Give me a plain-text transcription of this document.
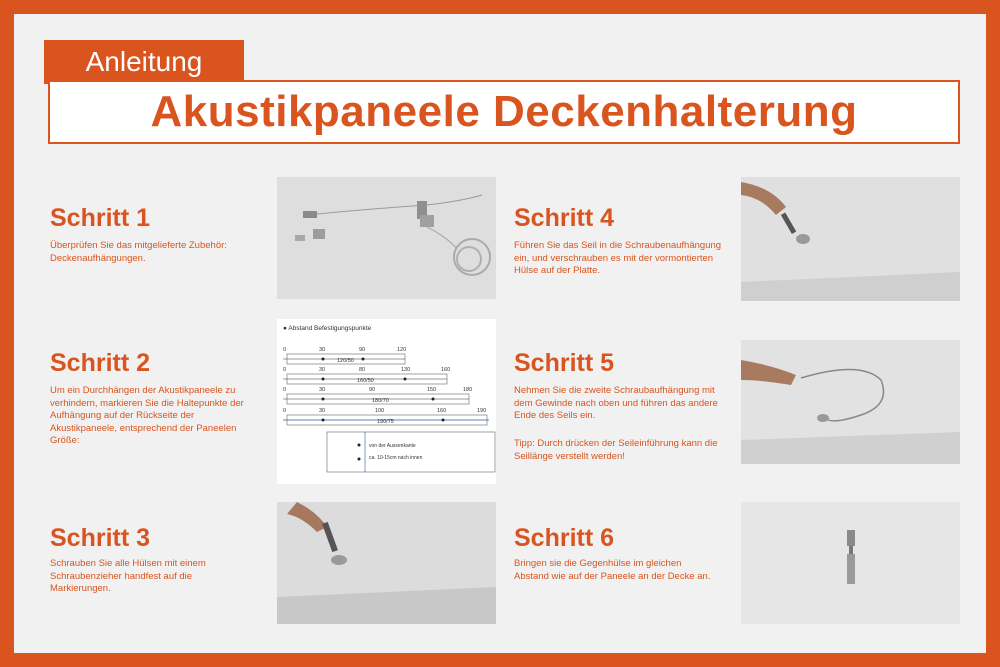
Anleitung
Akustikpaneele Deckenhalterung
Schritt 1
Überprüfen Sie das mitgelieferte Zubehör: Deckenaufhängungen.
Schritt 2
Um ein Durchhängen der Akustikpaneele zu verhindern, markieren Sie die Haltepunkte der Aufhängung auf der Rückseite der Akustikpaneele, entsprechend der Paneelen Größe:
● Abstand Befestigungspunkte
0	30	90	120
120/50
0	30	80	130	160
160/50
0	30	90	150	180
180/70
0	30	100	160	190
190/75
von der Aussenkante
ca. 10-15cm nach innen
Schritt 3
Schrauben Sie alle Hülsen mit einem Schraubenzieher handfest auf die Markierungen.
Schritt 4
Führen Sie das Seil in die Schraubenaufhängung ein, und verschrauben es mit der vormontierten Hülse auf der Platte.
Schritt 5
Nehmen Sie die zweite Schraubaufhängung mit dem Gewinde nach oben und führen das andere Ende des Seils ein.
Tipp: Durch drücken der Seileinführung kann die Seillänge verstellt werden!
Schritt 6
Bringen sie die Gegenhülse im gleichen Abstand wie auf der Paneele an der Decke an.
